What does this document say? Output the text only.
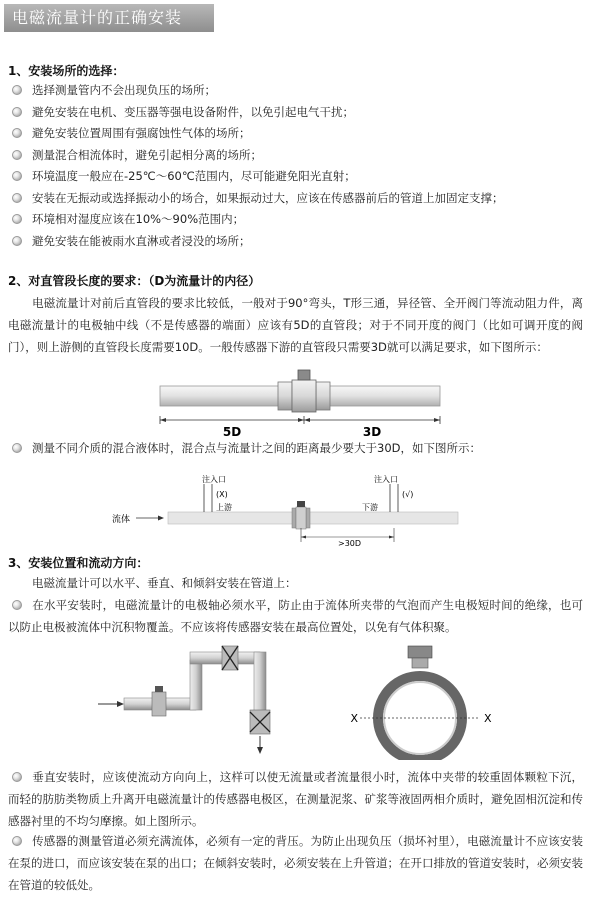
电磁流量计的正确安装
1、安装场所的选择：
选择测量管内不会出现负压的场所；
避免安装在电机、变压器等强电设备附件，以免引起电气干扰；
避免安装位置周围有强腐蚀性气体的场所；
测量混合相流体时，避免引起相分离的场所；
环境温度一般应在-25℃～60℃范围内，尽可能避免阳光直射；
安装在无振动或选择振动小的场合，如果振动过大，应该在传感器前后的管道上加固定支撑；
环境相对湿度应该在10%～90%范围内；
避免安装在能被雨水直淋或者浸没的场所；
2、对直管段长度的要求：（D为流量计的内径）
电磁流量计对前后直管段的要求比较低，一般对于90°弯头，T形三通，异径管、全开阀门等流动阻力件，离电磁流量计的电极轴中线（不是传感器的端面）应该有5D的直管段；对于不同开度的阀门（比如可调开度的阀门），则上游侧的直管段长度需要10D。一般传感器下游的直管段只需要3D就可以满足要求，如下图所示：
5D	3D
测量不同介质的混合液体时，混合点与流量计之间的距离最少要大于30D，如下图所示：
注入口
(X)
上游
注入口
(√)
下游
流体
>30D
3、安装位置和流动方向：
电磁流量计可以水平、垂直、和倾斜安装在管道上：
在水平安装时，电磁流量计的电极轴必须水平，防止由于流体所夹带的气泡而产生电极短时间的绝缘，也可以防止电极被流体中沉积物覆盖。不应该将传感器安装在最高位置处，以免有气体积聚。
X	X
垂直安装时，应该使流动方向向上，这样可以使无流量或者流量很小时，流体中夹带的较重固体颗粒下沉，而轻的肪肪类物质上升离开电磁流量计的传感器电极区，在测量泥浆、矿浆等液固两相介质时，避免固相沉淀和传感器衬里的不均匀摩擦。如上图所示。
传感器的测量管道必须充满流体，必须有一定的背压。为防止出现负压（损坏衬里），电磁流量计不应该安装在泵的进口，而应该安装在泵的出口；在倾斜安装时，必须安装在上升管道；在开口排放的管道安装时，必须安装在管道的较低处。
